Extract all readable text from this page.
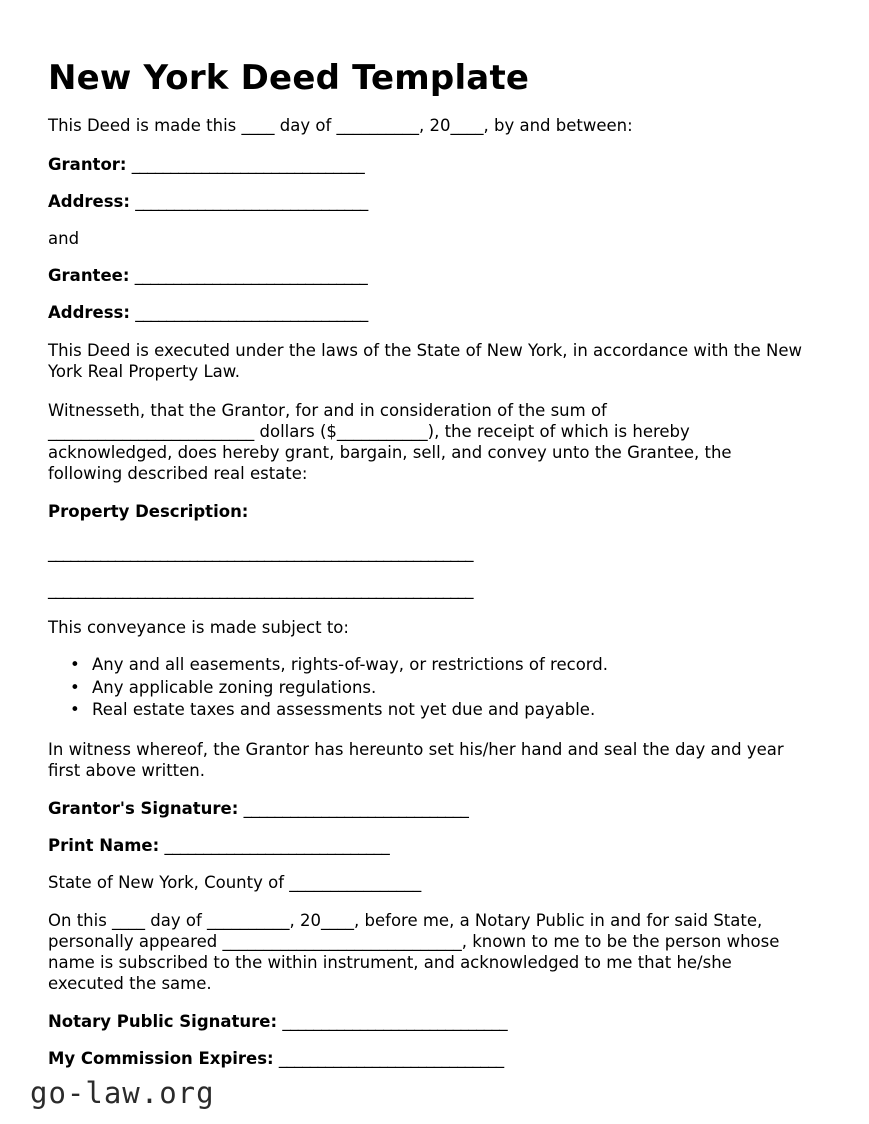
New York Deed Template

This Deed is made this ____ day of __________, 20____, by and between:

Grantor: ______________________________
Address: ______________________________
and
Grantee: ______________________________
Address: ______________________________

This Deed is executed under the laws of the State of New York, in accordance with the New York Real Property Law.

Witnesseth, that the Grantor, for and in consideration of the sum of _________________________ dollars ($___________), the receipt of which is hereby acknowledged, does hereby grant, bargain, sell, and convey unto the Grantee, the following described real estate:

Property Description:
_________________________________________________________
_________________________________________________________

This conveyance is made subject to:

• Any and all easements, rights-of-way, or restrictions of record.
• Any applicable zoning regulations.
• Real estate taxes and assessments not yet due and payable.

In witness whereof, the Grantor has hereunto set his/her hand and seal the day and year first above written.

Grantor's Signature: _____________________________
Print Name: _____________________________
State of New York, County of ________________

On this ____ day of __________, 20____, before me, a Notary Public in and for said State, personally appeared _____________________________, known to me to be the person whose name is subscribed to the within instrument, and acknowledged to me that he/she executed the same.

Notary Public Signature: _____________________________
My Commission Expires: _____________________________
go-law.org
